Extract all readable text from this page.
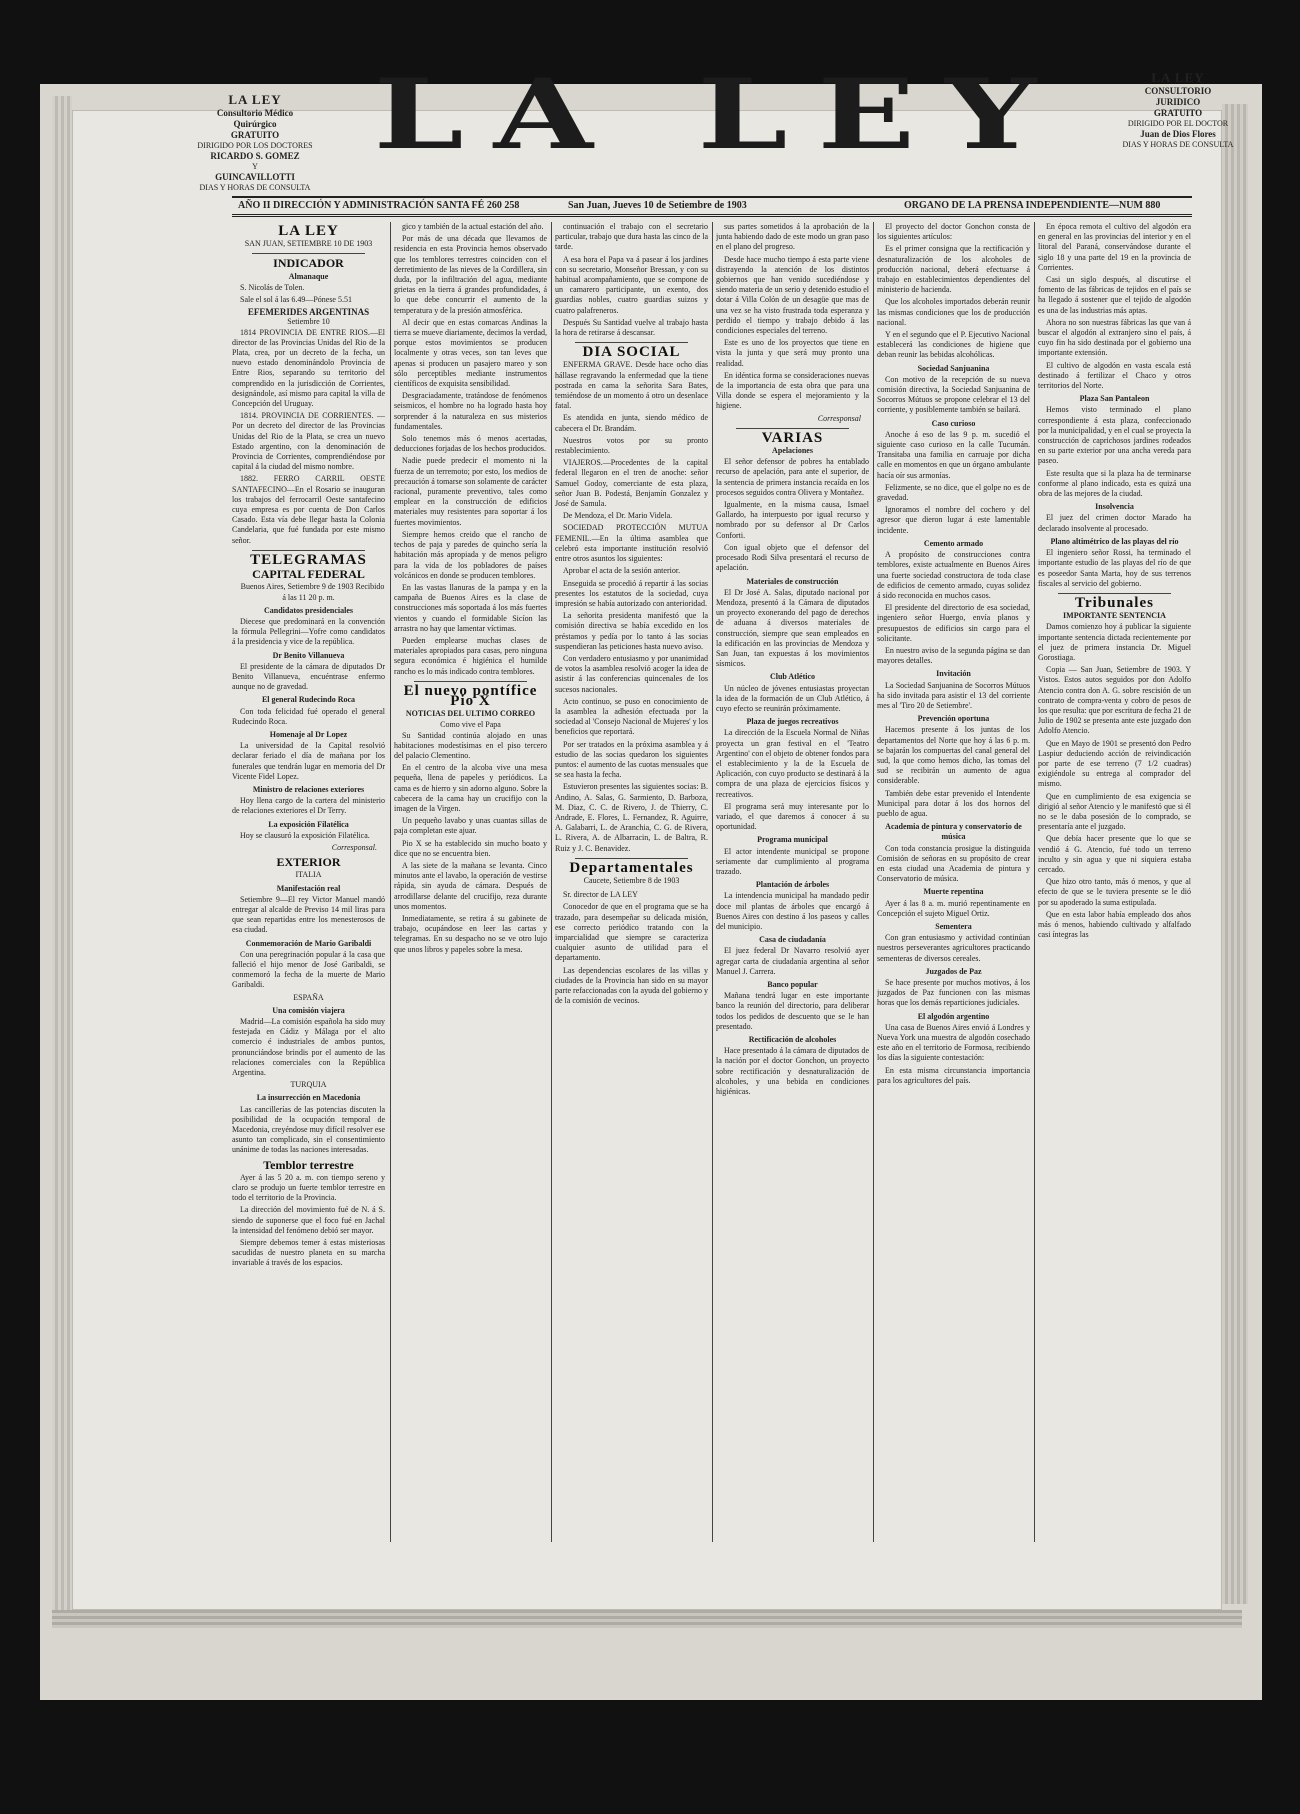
LA LEY
Consultorio Médico
Quirúrgico
GRATUITO
DIRIGIDO POR LOS DOCTORES
RICARDO S. GOMEZ
Y
GUINCAVILLOTTI
DIAS Y HORAS DE CONSULTA
LA LEY	LA LEY
CONSULTORIO
JURIDICO
GRATUITO
DIRIGIDO POR EL DOCTOR
Juan de Dios Flores
DIAS Y HORAS DE CONSULTA
AÑO II DIRECCIÓN Y ADMINISTRACIÓN SANTA FÉ 260 258	San Juan, Jueves 10 de Setiembre de 1903	ORGANO DE LA PRENSA INDEPENDIENTE—NUM 880
LA LEY
SAN JUAN, SETIEMBRE 10 DE 1903
INDICADOR
Almanaque

S. Nicolás de Tolen.

Sale el sol á las 6.49—Pónese 5.51

EFEMERIDES ARGENTINAS
Setiembre 10

1814 PROVINCIA DE ENTRE RIOS.—El director de las Provincias Unidas del Rio de la Plata, crea, por un decreto de la fecha, un nuevo estado denominándolo Provincia de Entre Rios, separando su territorio del comprendido en la jurisdicción de Corrientes, designándole, así mismo para capital la villa de Concepción del Uruguay.

1814. PROVINCIA DE CORRIENTES. —Por un decreto del director de las Provincias Unidas del Rio de la Plata, se crea un nuevo Estado argentino, con la denominación de Provincia de Corrientes, comprendiéndose por capital á la ciudad del mismo nombre.

1882. FERRO CARRIL OESTE SANTAFECINO—En el Rosario se inauguran los trabajos del ferrocarril Oeste santafecino cuya empresa es por cuenta de Don Carlos Casado. Esta vía debe llegar hasta la Colonia Candelaria, que fué fundada por este mismo señor.

TELEGRAMAS
CAPITAL FEDERAL

Buenos Aires, Setiembre 9 de 1903 Recibido á las 11 20 p. m.

Candidatos presidenciales

Diecese que predominará en la convención la fórmula Pellegrini—Yofre como candidatos á la presidencia y vice de la república.

Dr Benito Villanueva

El presidente de la cámara de diputados Dr Benito Villanueva, encuéntrase enfermo aunque no de gravedad.

El general Rudecindo Roca

Con toda felicidad fué operado el general Rudecindo Roca.

Homenaje al Dr Lopez

La universidad de la Capital resolvió declarar feriado el día de mañana por los funerales que tendrán lugar en memoria del Dr Vicente Fidel Lopez.

Ministro de relaciones exteriores

Hoy llena cargo de la cartera del ministerio de relaciones exteriores el Dr Terry.

La exposición Filatélica

Hoy se clausuró la exposición Filatélica.

Corresponsal.
EXTERIOR
ITALIA
Manifestación real

Setiembre 9—El rey Victor Manuel mandó entregar al alcalde de Previso 14 mil liras para que sean repartidas entre los menesterosos de esa ciudad.

Conmemoración de Mario Garibaldi

Con una peregrinación popular á la casa que falleció el hijo menor de José Garibaldi, se conmemoró la fecha de la muerte de Mario Garibaldi.

ESPAÑA
Una comisión viajera

Madrid—La comisión española ha sido muy festejada en Cádiz y Málaga por el alto comercio é industriales de ambos puntos, pronunciándose brindis por el aumento de las relaciones comerciales con la República Argentina.

TURQUIA
La insurrección en Macedonia

Las cancillerías de las potencias discuten la posibilidad de la ocupación temporal de Macedonia, creyéndose muy difícil resolver ese asunto tan complicado, sin el consentimiento unánime de todas las naciones interesadas.

Temblor terrestre

Ayer á las 5 20 a. m. con tiempo sereno y claro se produjo un fuerte temblor terrestre en todo el territorio de la Provincia.

La dirección del movimiento fué de N. á S. siendo de suponerse que el foco fué en Jachal la intensidad del fenómeno debió ser mayor.

Siempre debemos temer á estas misteriosas sacudidas de nuestro planeta en su marcha invariable á través de los espacios.

gico y también de la actual estación del año.

Por más de una década que llevamos de residencia en esta Provincia hemos observado que los temblores terrestres coinciden con el derretimiento de las nieves de la Cordillera, sin duda, por la infiltración del agua, mediante grietas en la tierra á grandes profundidades, á lo que debe concurrir el aumento de la temperatura y de la presión atmosférica.

Al decir que en estas comarcas Andinas la tierra se mueve diariamente, decimos la verdad, porque estos movimientos se producen localmente y otras veces, son tan leves que apenas si producen un pasajero mareo y son sólo perceptibles mediante instrumentos científicos de exquisita sensibilidad.

Desgraciadamente, tratándose de fenómenos seismicos, el hombre no ha logrado hasta hoy sorprender á la naturaleza en sus misterios fundamentales.

Solo tenemos más ó menos acertadas, deducciones forjadas de los hechos producidos.

Nadie puede predecir el momento ni la fuerza de un terremoto; por esto, los medios de precaución á tomarse son solamente de carácter racional, puramente preventivo, tales como emplear en la construcción de edificios materiales muy resistentes para soportar á los fuertes movimientos.

Siempre hemos creido que el rancho de techos de paja y paredes de quincho sería la habitación más apropiada y de menos peligro para la vida de los pobladores de países volcánicos en donde se producen temblores.

En las vastas llanuras de la pampa y en la campaña de Buenos Aires es la clase de construcciones más soportada á los más fuertes vientos y cuando el formidable Sicíon las arrastra no hay que lamentar víctimas.

Pueden emplearse muchas clases de materiales apropiados para casas, pero ninguna segura económica é higiénica el humilde rancho es lo más indicado contra temblores.

El nuevo pontífice Pio X
NOTICIAS DEL ULTIMO CORREO
Como vive el Papa

Su Santidad continúa alojado en unas habitaciones modestísimas en el piso tercero del palacio Clementino.

En el centro de la alcoba vive una mesa pequeña, llena de papeles y periódicos. La cama es de hierro y sin adorno alguno. Sobre la cabecera de la cama hay un crucifijo con la imagen de la Virgen.

Un pequeño lavabo y unas cuantas sillas de paja completan este ajuar.

Pio X se ha establecido sin mucho boato y dice que no se encuentra bien.

A las siete de la mañana se levanta. Cinco minutos ante el lavabo, la operación de vestirse rápida, sin ayuda de cámara. Después de arrodillarse delante del crucifijo, reza durante unos momentos.

Inmediatamente, se retira á su gabinete de trabajo, ocupándose en leer las cartas y telegramas. En su despacho no se ve otro lujo que unos libros y papeles sobre la mesa.

continuación el trabajo con el secretario particular, trabajo que dura hasta las cinco de la tarde.

A esa hora el Papa va á pasear á los jardines con su secretario, Monseñor Bressan, y con su habitual acompañamiento, que se compone de un camarero participante, un exento, dos guardias nobles, cuatro guardias suizos y cuatro palafreneros.

Después Su Santidad vuelve al trabajo hasta la hora de retirarse á descansar.

DIA SOCIAL

ENFERMA GRAVE. Desde hace ocho días hállase regravando la enfermedad que la tiene postrada en cama la señorita Sara Bates, temiéndose de un momento á otro un desenlace fatal.

Es atendida en junta, siendo médico de cabecera el Dr. Brandám.

Nuestros votos por su pronto restablecimiento.

VIAJEROS.—Procedentes de la capital federal llegaron en el tren de anoche: señor Samuel Godoy, comerciante de esta plaza, señor Juan B. Podestá, Benjamín Gonzalez y José de Samula.

De Mendoza, el Dr. Mario Videla.

SOCIEDAD PROTECCIÓN MUTUA FEMENIL.—En la última asamblea que celebró esta importante institución resolvió entre otros asuntos los siguientes:

Aprobar el acta de la sesión anterior.

Enseguida se procedió á repartir á las socias presentes los estatutos de la sociedad, cuya impresión se había autorizado con anterioridad.

La señorita presidenta manifestó que la comisión directiva se había excedido en los préstamos y pedía por lo tanto á las socias suspendieran las peticiones hasta nuevo aviso.

Con verdadero entusiasmo y por unanimidad de votos la asamblea resolvió acoger la idea de asistir á las conferencias quincenales de los sucesos nacionales.

Acto continuo, se puso en conocimiento de la asamblea la adhesión efectuada por la sociedad al 'Consejo Nacional de Mujeres' y los beneficios que reportará.

Por ser tratados en la próxima asamblea y á estudio de las socias quedaron los siguientes puntos: el aumento de las cuotas mensuales que se sea hasta la fecha.

Estuvieron presentes las siguientes socias: B. Andino, A. Salas, G. Sarmiento, D. Barboza, M. Diaz, C. C. de Rivero, J. de Thierry, C. Andrade, E. Flores, L. Fernandez, R. Aguirre, A. Galabarri, L. de Aranchia, C. G. de Rivera, L. Rivera, A. de Albarracin, L. de Baltra, R. Ruiz y J. C. Benavidez.

Departamentales
Caucete, Setiembre 8 de 1903

Sr. director de LA LEY

Conocedor de que en el programa que se ha trazado, para desempeñar su delicada misión, ese correcto periódico tratando con la imparcialidad que siempre se caracteriza cualquier asunto de utilidad para el departamento.

Las dependencias escolares de las villas y ciudades de la Provincia han sido en su mayor parte refaccionadas con la ayuda del gobierno y de la comisión de vecinos.

sus partes sometidos á la aprobación de la junta habiendo dado de este modo un gran paso en el plano del progreso.

Desde hace mucho tiempo á esta parte viene distrayendo la atención de los distintos gobiernos que han venido sucediéndose y siendo materia de un serio y detenido estudio el dotar á Villa Colón de un desagüe que mas de una vez se ha visto frustrada toda esperanza y perdido el tiempo y trabajo debido á las condiciones especiales del terreno.

Este es uno de los proyectos que tiene en vista la junta y que será muy pronto una realidad.

En idéntica forma se consideraciones nuevas de la importancia de esta obra que para una Villa donde se espera el mejoramiento y la higiene.

Corresponsal
VARIAS
Apelaciones

El señor defensor de pobres ha entablado recurso de apelación, para ante el superior, de la sentencia de primera instancia recaída en los procesos seguidos contra Olivera y Montañez.

Igualmente, en la misma causa, Ismael Gallardo, ha interpuesto por igual recurso y nombrado por su defensor al Dr Carlos Conforti.

Con igual objeto que el defensor del procesado Rodi Silva presentará el recurso de apelación.

Materiales de construcción

El Dr José A. Salas, diputado nacional por Mendoza, presentó á la Cámara de diputados un proyecto exonerando del pago de derechos de aduana á diversos materiales de construcción, siempre que sean empleados en la edificación en las provincias de Mendoza y San Juan, tan expuestas á los movimientos sísmicos.

Club Atlético

Un núcleo de jóvenes entusiastas proyectan la idea de la formación de un Club Atlético, á cuyo efecto se reunirán próximamente.

Plaza de juegos recreativos

La dirección de la Escuela Normal de Niñas proyecta un gran festival en el 'Teatro Argentino' con el objeto de obtener fondos para el establecimiento y la de la Escuela de Aplicación, con cuyo producto se destinará á la compra de una plaza de ejercicios físicos y recreativos.

El programa será muy interesante por lo variado, el que daremos á conocer á su oportunidad.

Programa municipal

El actor intendente municipal se propone seriamente dar cumplimiento al programa trazado.

Plantación de árboles

La intendencia municipal ha mandado pedir doce mil plantas de árboles que encargó á Buenos Aires con destino á los paseos y calles del municipio.

Casa de ciudadanía

El juez federal Dr Navarro resolvió ayer agregar carta de ciudadanía argentina al señor Manuel J. Carrera.

Banco popular

Mañana tendrá lugar en este importante banco la reunión del directorio, para deliberar todos los pedidos de descuento que se le han presentado.

Rectificación de alcoholes

Hace presentado á la cámara de diputados de la nación por el doctor Gonchon, un proyecto sobre rectificación y desnaturalización de alcoholes, y una bebida en condiciones higiénicas.

El proyecto del doctor Gonchon consta de los siguientes artículos:

Es el primer consigna que la rectificación y desnaturalización de los alcoholes de producción nacional, deberá efectuarse á trabajo en establecimientos dependientes del ministerio de hacienda.

Que los alcoholes importados deberán reunir las mismas condiciones que los de producción nacional.

Y en el segundo que el P. Ejecutivo Nacional establecerá las condiciones de higiene que deban reunir las bebidas alcohólicas.

Sociedad Sanjuanina

Con motivo de la recepción de su nueva comisión directiva, la Sociedad Sanjuanina de Socorros Mútuos se propone celebrar el 13 del corriente, y posiblemente también se bailará.

Caso curioso

Anoche á eso de las 9 p. m. sucedió el siguiente caso curioso en la calle Tucumán. Transitaba una familia en carruaje por dicha calle en momentos en que un órgano ambulante hacía oír sus armonías.

Felizmente, se no dice, que el golpe no es de gravedad.

Ignoramos el nombre del cochero y del agresor que dieron lugar á este lamentable incidente.

Cemento armado

A propósito de construcciones contra temblores, existe actualmente en Buenos Aires una fuerte sociedad constructora de toda clase de edificios de cemento armado, cuyas solidez á sido reconocida en muchos casos.

El presidente del directorio de esa sociedad, ingeniero señor Huergo, envía planos y presupuestos de edificios sin cargo para el solicitante.

En nuestro aviso de la segunda página se dan mayores detalles.

Invitación

La Sociedad Sanjuanina de Socorros Mútuos ha sido invitada para asistir el 13 del corriente mes al 'Tiro 20 de Setiembre'.

Prevención oportuna

Hacemos presente á los juntas de los departamentos del Norte que hoy á las 6 p. m. se bajarán los compuertas del canal general del sud, la que como hemos dicho, las tomas del sud se recibirán un aumento de agua considerable.

También debe estar prevenido el Intendente Municipal para dotar á los dos hornos del pueblo de agua.

Academia de pintura y conservatorio de música

Con toda constancia prosigue la distinguida Comisión de señoras en su propósito de crear en esta ciudad una Academia de pintura y Conservatorio de música.

Muerte repentina

Ayer á las 8 a. m. murió repentinamente en Concepción el sujeto Miguel Ortiz.

Sementera

Con gran entusiasmo y actividad continúan nuestros perseverantes agricultores practicando sementeras de diversos cereales.

Juzgados de Paz

Se hace presente por muchos motivos, á los juzgados de Paz funcionen con las mismas horas que los demás reparticiones judiciales.

El algodón argentino

Una casa de Buenos Aires envió á Londres y Nueva York una muestra de algodón cosechado este año en el territorio de Formosa, recibiendo los días la siguiente contestación:

En esta misma circunstancia importancia para los agricultores del país.

En época remota el cultivo del algodón era en general en las provincias del interior y en el litoral del Paraná, conservándose durante el siglo 18 y una parte del 19 en la provincia de Corrientes.

Casi un siglo después, al discutirse el fomento de las fábricas de tejidos en el país se ha llegado á sostener que el tejido de algodón es una de las industrias más aptas.

Ahora no son nuestras fábricas las que van á buscar el algodón al extranjero sino el país, á cuyo fin ha sido destinada por el gobierno una importante extensión.

El cultivo de algodón en vasta escala está destinado á fertilizar el Chaco y otros territorios del Norte.

Plaza San Pantaleon

Hemos visto terminado el plano correspondiente á esta plaza, confeccionado por la municipalidad, y en el cual se proyecta la construcción de caprichosos jardines rodeados en su parte exterior por una ancha vereda para paseo.

Este resulta que si la plaza ha de terminarse conforme al plano indicado, esta es quizá una obra de las mejores de la ciudad.

Insolvencia

El juez del crimen doctor Marado ha declarado insolvente al procesado.

Plano altimétrico de las playas del río

El ingeniero señor Rossi, ha terminado el importante estudio de las playas del río de que es poseedor Santa Marta, hoy de sus terrenos fiscales al servicio del gobierno.

Tribunales
IMPORTANTE SENTENCIA

Damos comienzo hoy á publicar la siguiente importante sentencia dictada recientemente por el juez de primera instancia Dr. Miguel Gorostiaga.

Copia — San Juan, Setiembre de 1903. Y Vistos. Estos autos seguidos por don Adolfo Atencio contra don A. G. sobre rescisión de un contrato de compra-venta y cobro de pesos de los que resulta: que por escritura de fecha 21 de Julio de 1902 se presenta ante este juzgado don Adolfo Atencio.

Que en Mayo de 1901 se presentó don Pedro Laspiur deduciendo acción de reivindicación por parte de ese terreno (7 1/2 cuadras) exigiéndole su entrega al comprador del mismo.

Que en cumplimiento de esa exigencia se dirigió al señor Atencio y le manifestó que si él no se le daba posesión de lo comprado, se presentaría ante el juzgado.

Que debía hacer presente que lo que se vendió á G. Atencio, fué todo un terreno inculto y sin agua y que ni siquiera estaba cercado.

Que hizo otro tanto, más ó menos, y que al efecto de que se le tuviera presente se le dió por su apoderado la suma estipulada.

Que en esta labor había empleado dos años más ó menos, habiendo cultivado y alfalfado casi íntegras las
